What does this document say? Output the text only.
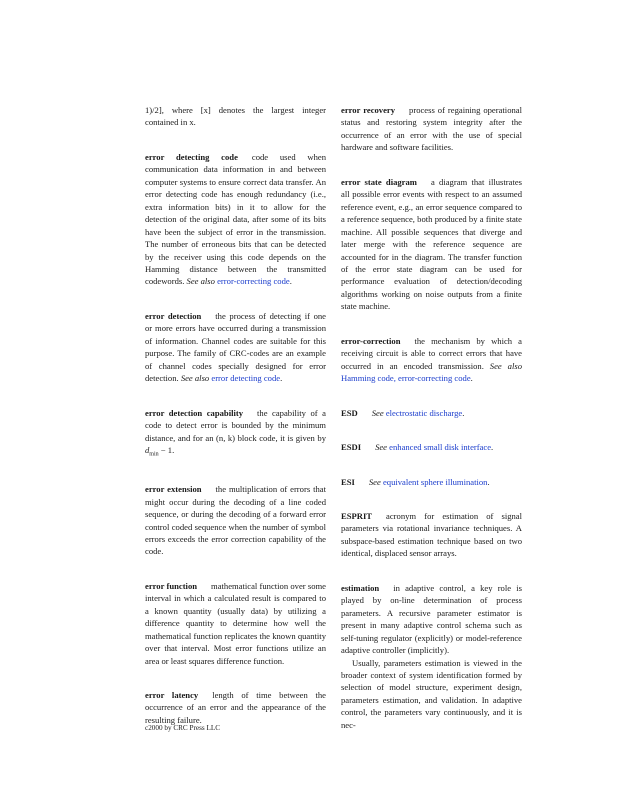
1)/2], where [x] denotes the largest integer contained in x.

error detecting code code used when communication data information in and between computer systems to ensure correct data transfer. An error detecting code has enough redundancy (i.e., extra information bits) in it to allow for the detection of the original data, after some of its bits have been the subject of error in the transmission. The number of erroneous bits that can be detected by the receiver using this code depends on the Hamming distance between the transmitted codewords. See also error-correcting code.

error detection the process of detecting if one or more errors have occurred during a transmission of information. Channel codes are suitable for this purpose. The family of CRC-codes are an example of channel codes specially designed for error detection. See also error detecting code.

error detection capability the capability of a code to detect error is bounded by the minimum distance, and for an (n, k) block code, it is given by $d_{min} - 1$.

error extension the multiplication of errors that might occur during the decoding of a line coded sequence, or during the decoding of a forward error control coded sequence when the number of symbol errors exceeds the error correction capability of the code.

error function mathematical function over some interval in which a calculated result is compared to a known quantity (usually data) by utilizing a difference quantity to determine how well the mathematical function replicates the known quantity over that interval. Most error functions utilize an area or least squares difference function.

error latency length of time between the occurrence of an error and the appearance of the resulting failure.

error recovery process of regaining operational status and restoring system integrity after the occurrence of an error with the use of special hardware and software facilities.

error state diagram a diagram that illustrates all possible error events with respect to an assumed reference event, e.g., an error sequence compared to a reference sequence, both produced by a finite state machine. All possible sequences that diverge and later merge with the reference sequence are accounted for in the diagram. The transfer function of the error state diagram can be used for performance evaluation of detection/decoding algorithms working on noise outputs from a finite state machine.

error-correction the mechanism by which a receiving circuit is able to correct errors that have occurred in an encoded transmission. See also Hamming code, error-correcting code.

ESD See electrostatic discharge.

ESDI See enhanced small disk interface.

ESI See equivalent sphere illumination.

ESPRIT acronym for estimation of signal parameters via rotational invariance techniques. A subspace-based estimation technique based on two identical, displaced sensor arrays.

estimation in adaptive control, a key role is played by on-line determination of process parameters. A recursive parameter estimator is present in many adaptive control schema such as self-tuning regulator (explicitly) or model-reference adaptive controller (implicitly).

Usually, parameters estimation is viewed in the broader context of system identification formed by selection of model structure, experiment design, parameters estimation, and validation. In adaptive control, the parameters vary continuously, and it is nec-

c2000 by CRC Press LLC
